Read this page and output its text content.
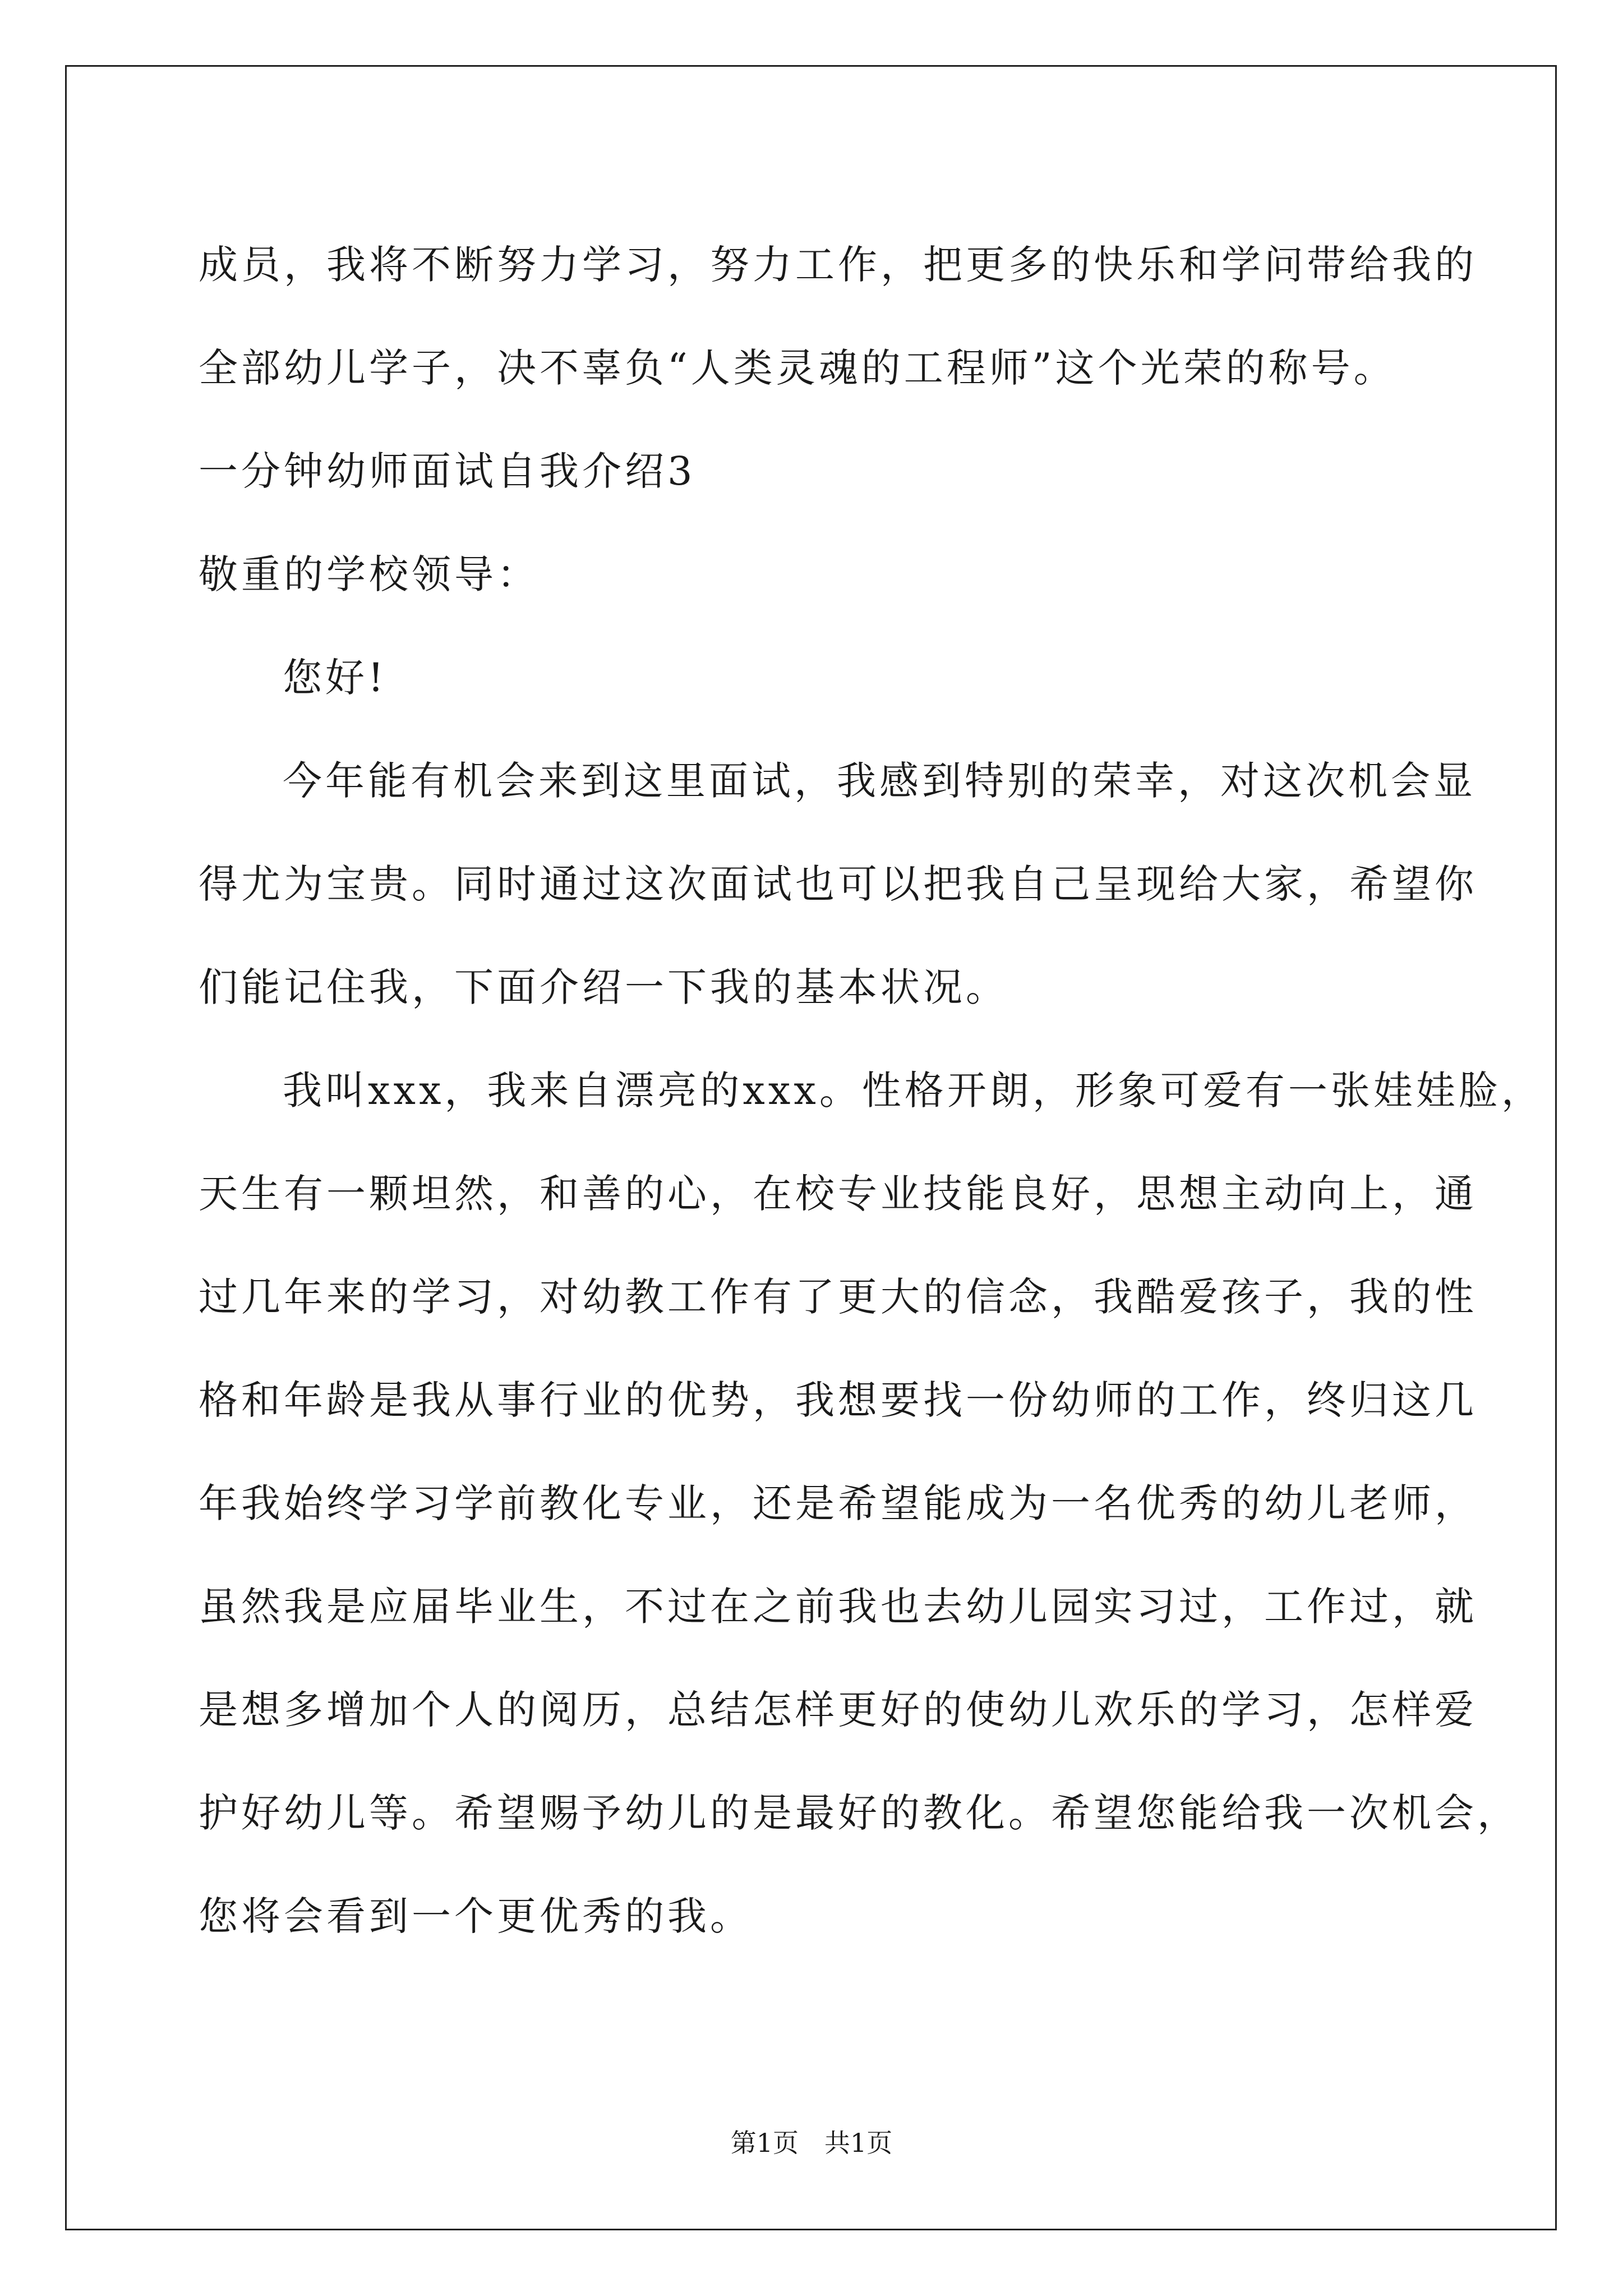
成员，我将不断努力学习，努力工作，把更多的快乐和学问带给我的
全部幼儿学子，决不辜负“人类灵魂的工程师”这个光荣的称号。
一分钟幼师面试自我介绍3
敬重的学校领导：
您好!
今年能有机会来到这里面试，我感到特别的荣幸，对这次机会显
得尤为宝贵。同时通过这次面试也可以把我自己呈现给大家，希望你
们能记住我，下面介绍一下我的基本状况。
我叫xxx，我来自漂亮的xxx。性格开朗，形象可爱有一张娃娃脸，
天生有一颗坦然，和善的心，在校专业技能良好，思想主动向上，通
过几年来的学习，对幼教工作有了更大的信念，我酷爱孩子，我的性
格和年龄是我从事行业的优势，我想要找一份幼师的工作，终归这几
年我始终学习学前教化专业，还是希望能成为一名优秀的幼儿老师，
虽然我是应届毕业生，不过在之前我也去幼儿园实习过，工作过，就
是想多增加个人的阅历，总结怎样更好的使幼儿欢乐的学习，怎样爱
护好幼儿等。希望赐予幼儿的是最好的教化。希望您能给我一次机会，
您将会看到一个更优秀的我。
第1页　共1页
